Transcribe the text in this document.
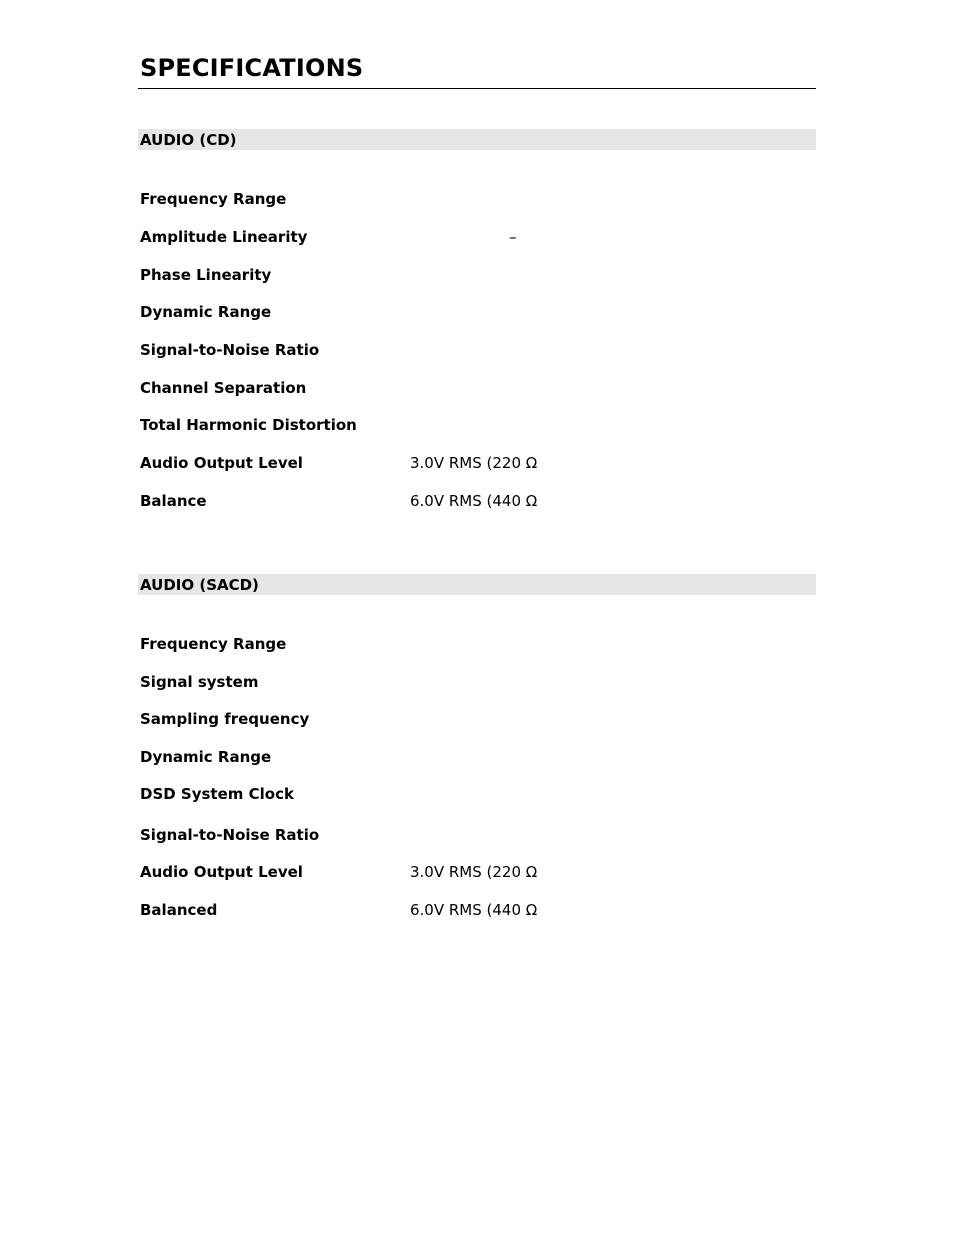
SPECIFICATIONS
AUDIO (CD)
Frequency Range
Amplitude Linearity	–
Phase Linearity
Dynamic Range
Signal-to-Noise Ratio
Channel Separation
Total Harmonic Distortion
Audio Output Level	3.0V RMS (220 Ω
Balance	6.0V RMS (440 Ω
AUDIO (SACD)
Frequency Range
Signal system
Sampling frequency
Dynamic Range
DSD System Clock
Signal-to-Noise Ratio
Audio Output Level	3.0V RMS (220 Ω
Balanced	6.0V RMS (440 Ω
